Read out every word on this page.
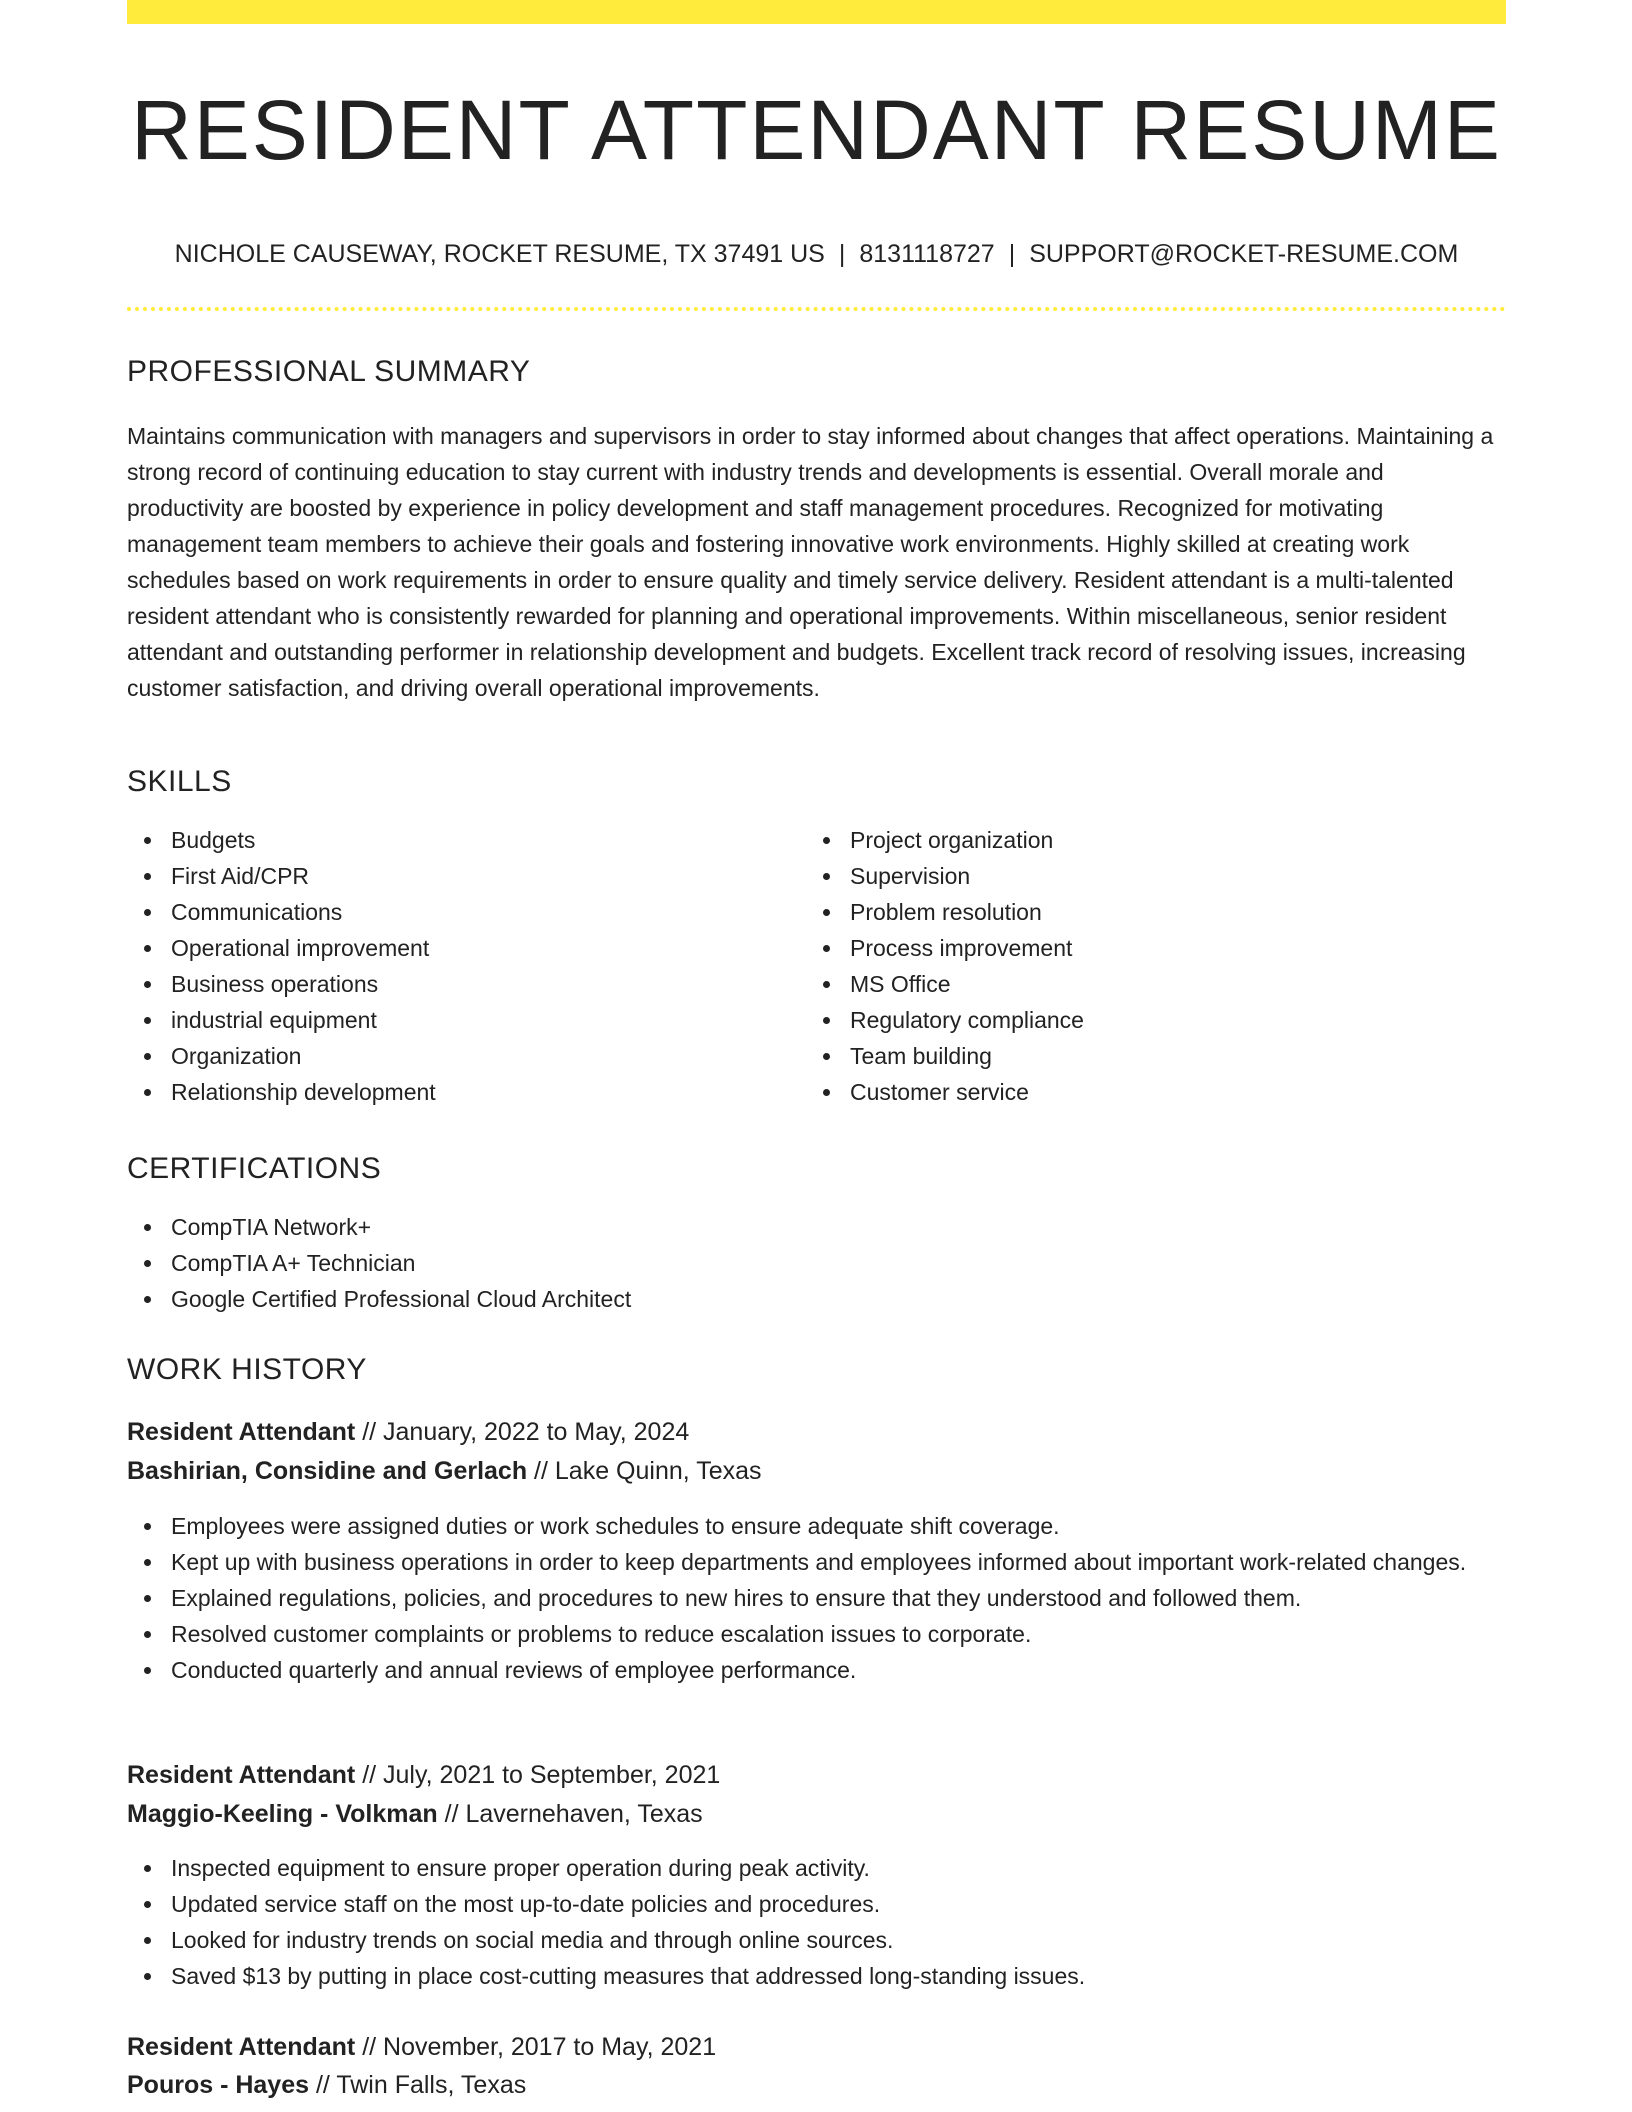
RESIDENT ATTENDANT RESUME
NICHOLE CAUSEWAY, ROCKET RESUME, TX 37491 US | 8131118727 | SUPPORT@ROCKET-RESUME.COM
PROFESSIONAL SUMMARY

Maintains communication with managers and supervisors in order to stay informed about changes that affect operations. Maintaining a strong record of continuing education to stay current with industry trends and developments is essential. Overall morale and productivity are boosted by experience in policy development and staff management procedures. Recognized for motivating management team members to achieve their goals and fostering innovative work environments. Highly skilled at creating work schedules based on work requirements in order to ensure quality and timely service delivery. Resident attendant is a multi-talented resident attendant who is consistently rewarded for planning and operational improvements. Within miscellaneous, senior resident attendant and outstanding performer in relationship development and budgets. Excellent track record of resolving issues, increasing customer satisfaction, and driving overall operational improvements.

SKILLS
Budgets
First Aid/CPR
Communications
Operational improvement
Business operations
industrial equipment
Organization
Relationship development
Project organization
Supervision
Problem resolution
Process improvement
MS Office
Regulatory compliance
Team building
Customer service
CERTIFICATIONS
CompTIA Network+
CompTIA A+ Technician
Google Certified Professional Cloud Architect
WORK HISTORY
Resident Attendant // January, 2022 to May, 2024
Bashirian, Considine and Gerlach // Lake Quinn, Texas
Employees were assigned duties or work schedules to ensure adequate shift coverage.
Kept up with business operations in order to keep departments and employees informed about important work-related changes.
Explained regulations, policies, and procedures to new hires to ensure that they understood and followed them.
Resolved customer complaints or problems to reduce escalation issues to corporate.
Conducted quarterly and annual reviews of employee performance.
Resident Attendant // July, 2021 to September, 2021
Maggio-Keeling - Volkman // Lavernehaven, Texas
Inspected equipment to ensure proper operation during peak activity.
Updated service staff on the most up-to-date policies and procedures.
Looked for industry trends on social media and through online sources.
Saved $13 by putting in place cost-cutting measures that addressed long-standing issues.
Resident Attendant // November, 2017 to May, 2021
Pouros - Hayes // Twin Falls, Texas
